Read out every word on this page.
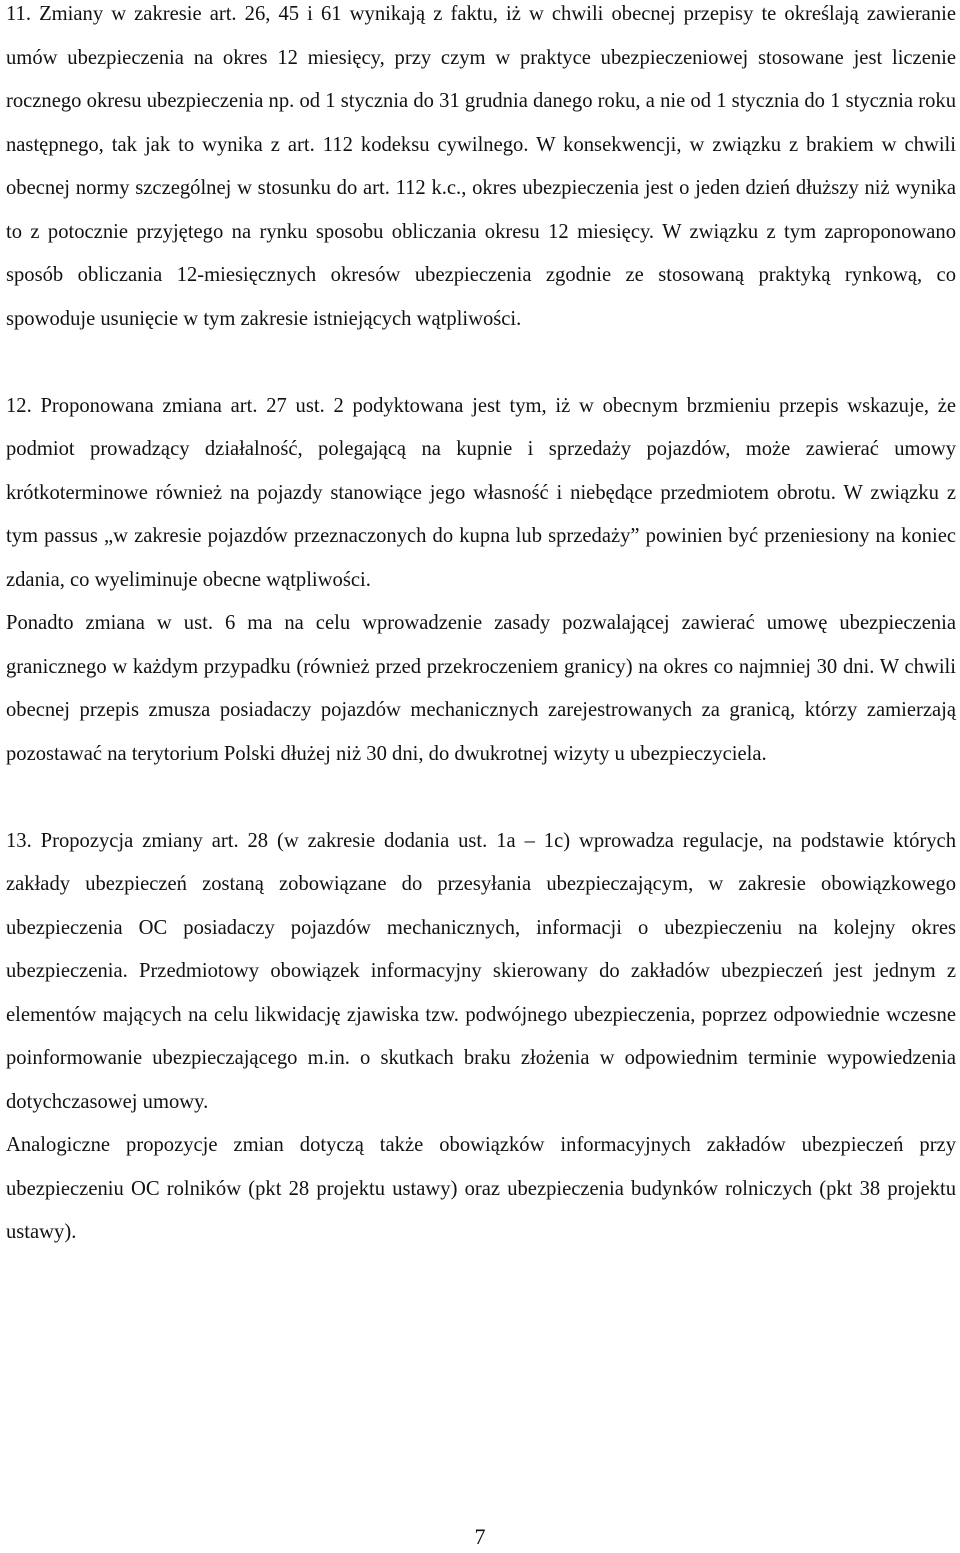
11. Zmiany w zakresie art. 26, 45 i 61 wynikają z faktu, iż w chwili obecnej przepisy te określają zawieranie umów ubezpieczenia na okres 12 miesięcy, przy czym w praktyce ubezpieczeniowej stosowane jest liczenie rocznego okresu ubezpieczenia np. od 1 stycznia do 31 grudnia danego roku, a nie od 1 stycznia do 1 stycznia roku następnego, tak jak to wynika z art. 112 kodeksu cywilnego. W konsekwencji, w związku z brakiem w chwili obecnej normy szczególnej w stosunku do art. 112 k.c., okres ubezpieczenia jest o jeden dzień dłuższy niż wynika to z potocznie przyjętego na rynku sposobu obliczania okresu 12 miesięcy. W związku z tym zaproponowano sposób obliczania 12-miesięcznych okresów ubezpieczenia zgodnie ze stosowaną praktyką rynkową, co spowoduje usunięcie w tym zakresie istniejących wątpliwości.

12. Proponowana zmiana art. 27 ust. 2 podyktowana jest tym, iż w obecnym brzmieniu przepis wskazuje, że podmiot prowadzący działalność, polegającą na kupnie i sprzedaży pojazdów, może zawierać umowy krótkoterminowe również na pojazdy stanowiące jego własność i niebędące przedmiotem obrotu. W związku z tym passus „w zakresie pojazdów przeznaczonych do kupna lub sprzedaży” powinien być przeniesiony na koniec zdania, co wyeliminuje obecne wątpliwości.

Ponadto zmiana w ust. 6 ma na celu wprowadzenie zasady pozwalającej zawierać umowę ubezpieczenia granicznego w każdym przypadku (również przed przekroczeniem granicy) na okres co najmniej 30 dni. W chwili obecnej przepis zmusza posiadaczy pojazdów mechanicznych zarejestrowanych za granicą, którzy zamierzają pozostawać na terytorium Polski dłużej niż 30 dni, do dwukrotnej wizyty u ubezpieczyciela.

13. Propozycja zmiany art. 28 (w zakresie dodania ust. 1a – 1c) wprowadza regulacje, na podstawie których zakłady ubezpieczeń zostaną zobowiązane do przesyłania ubezpieczającym, w zakresie obowiązkowego ubezpieczenia OC posiadaczy pojazdów mechanicznych, informacji o ubezpieczeniu na kolejny okres ubezpieczenia. Przedmiotowy obowiązek informacyjny skierowany do zakładów ubezpieczeń jest jednym z elementów mających na celu likwidację zjawiska tzw. podwójnego ubezpieczenia, poprzez odpowiednie wczesne poinformowanie ubezpieczającego m.in. o skutkach braku złożenia w odpowiednim terminie wypowiedzenia dotychczasowej umowy.

Analogiczne propozycje zmian dotyczą także obowiązków informacyjnych zakładów ubezpieczeń przy ubezpieczeniu OC rolników (pkt 28 projektu ustawy) oraz ubezpieczenia budynków rolniczych (pkt 38 projektu ustawy).

7
